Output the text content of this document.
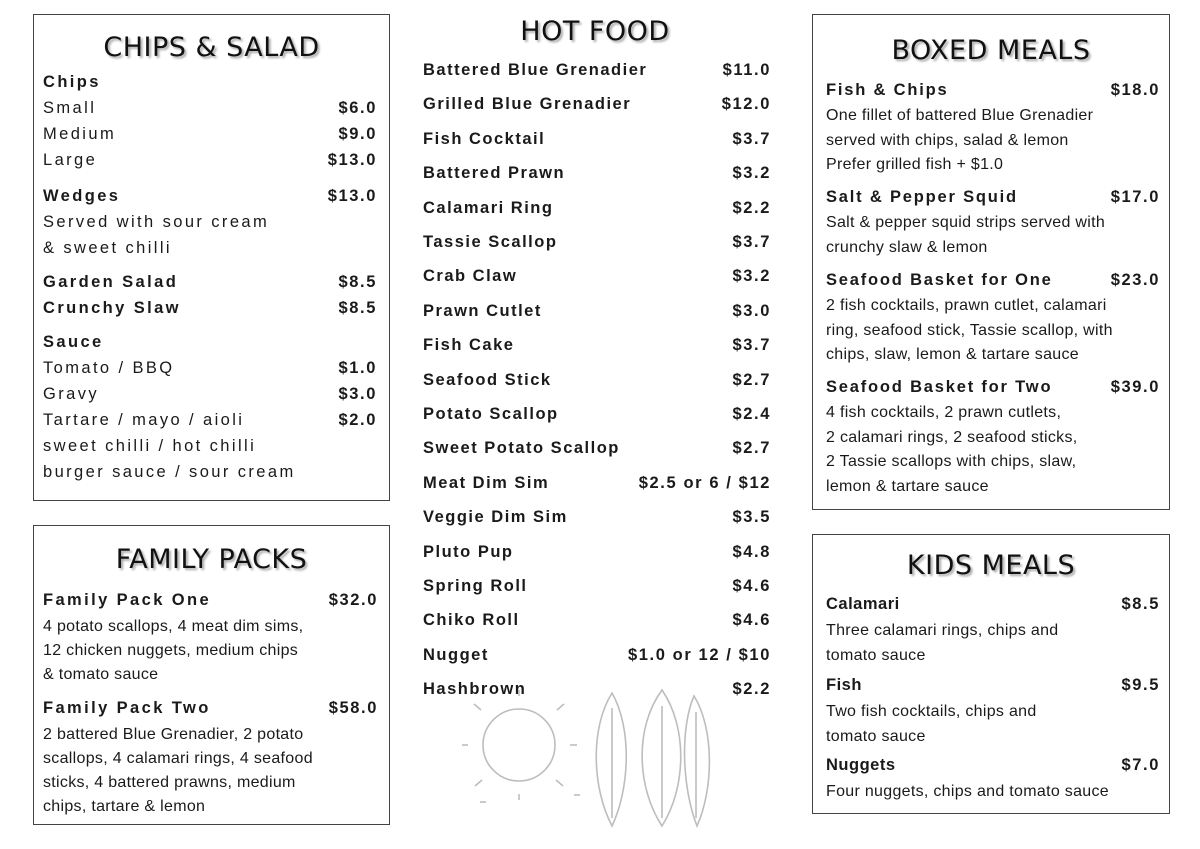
CHIPS & SALAD
Chips
Small	$6.0
Medium	$9.0
Large	$13.0
Wedges	$13.0
Served with sour cream
& sweet chilli
Garden Salad	$8.5
Crunchy Slaw	$8.5
Sauce
Tomato / BBQ	$1.0
Gravy	$3.0
Tartare / mayo / aioli	$2.0
sweet chilli / hot chilli
burger sauce / sour cream
FAMILY PACKS
Family Pack One	$32.0
4 potato scallops, 4 meat dim sims,
12 chicken nuggets, medium chips
& tomato sauce
Family Pack Two	$58.0
2 battered Blue Grenadier, 2 potato
scallops, 4 calamari rings, 4 seafood
sticks, 4 battered prawns, medium
chips, tartare & lemon
HOT FOOD
Battered Blue Grenadier	$11.0
Grilled Blue Grenadier	$12.0
Fish Cocktail	$3.7
Battered Prawn	$3.2
Calamari Ring	$2.2
Tassie Scallop	$3.7
Crab Claw	$3.2
Prawn Cutlet	$3.0
Fish Cake	$3.7
Seafood Stick	$2.7
Potato Scallop	$2.4
Sweet Potato Scallop	$2.7
Meat Dim Sim	$2.5 or 6 / $12
Veggie Dim Sim	$3.5
Pluto Pup	$4.8
Spring Roll	$4.6
Chiko Roll	$4.6
Nugget	$1.0 or 12 / $10
Hashbrown	$2.2
BOXED MEALS
Fish & Chips	$18.0
One fillet of battered Blue Grenadier
served with chips, salad & lemon
Prefer grilled fish + $1.0
Salt & Pepper Squid	$17.0
Salt & pepper squid strips served with
crunchy slaw & lemon
Seafood Basket for One	$23.0
2 fish cocktails, prawn cutlet, calamari
ring, seafood stick, Tassie scallop, with
chips, slaw, lemon & tartare sauce
Seafood Basket for Two	$39.0
4 fish cocktails, 2 prawn cutlets,
2 calamari rings, 2 seafood sticks,
2 Tassie scallops with chips, slaw,
lemon & tartare sauce
KIDS MEALS
Calamari	$8.5
Three calamari rings, chips and
tomato sauce
Fish	$9.5
Two fish cocktails, chips and
tomato sauce
Nuggets	$7.0
Four nuggets, chips and tomato sauce
